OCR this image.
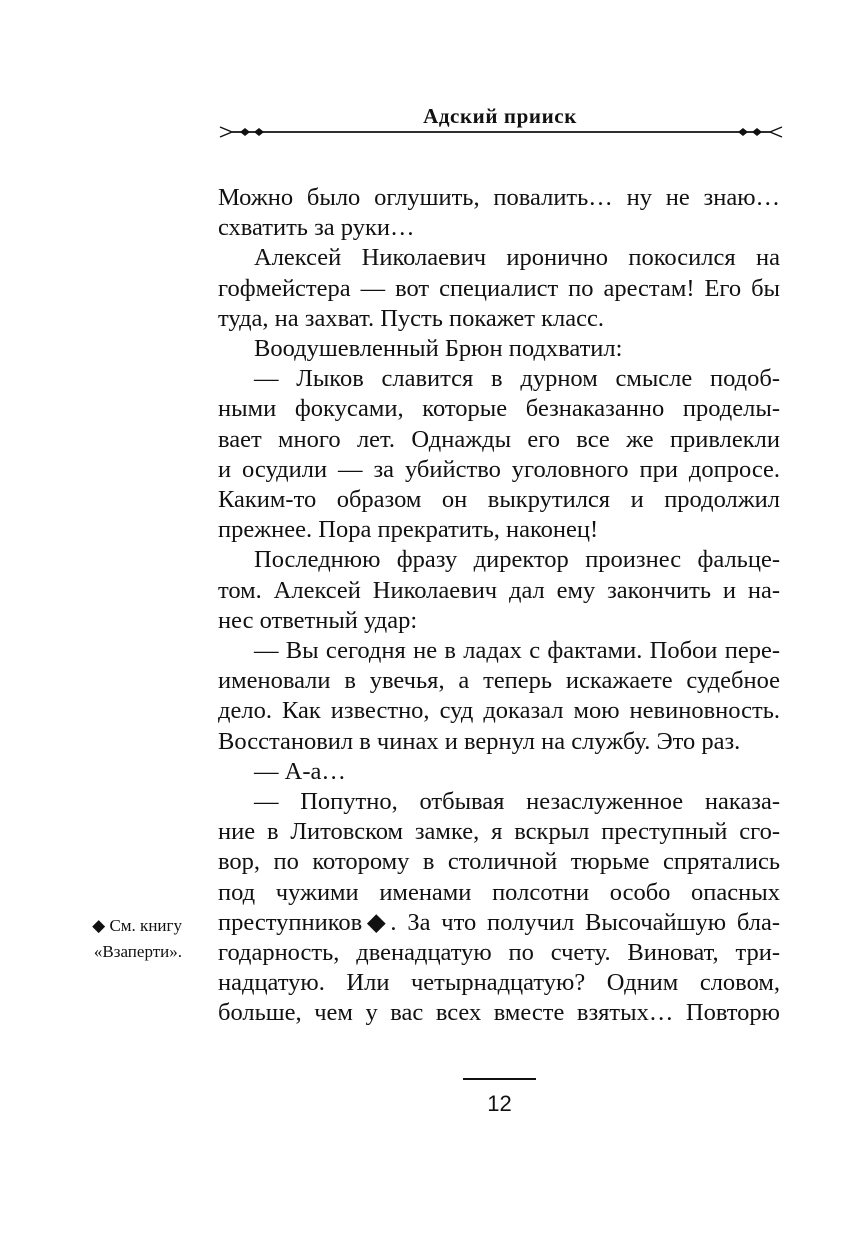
Адский прииск

Можно было оглушить, повалить… ну не знаю…

схватить за руки…

Алексей Николаевич иронично покосился на

гофмейстера — вот специалист по арестам! Его бы

туда, на захват. Пусть покажет класс.

Воодушевленный Брюн подхватил:

— Лыков славится в дурном смысле подоб-

ными фокусами, которые безнаказанно проделы-

вает много лет. Однажды его все же привлекли

и осудили — за убийство уголовного при допросе.

Каким-то образом он выкрутился и продолжил

прежнее. Пора прекратить, наконец!

Последнюю фразу директор произнес фальце-

том. Алексей Николаевич дал ему закончить и на-

нес ответный удар:

— Вы сегодня не в ладах с фактами. Побои пере-

именовали в увечья, а теперь искажаете судебное

дело. Как известно, суд доказал мою невиновность.

Восстановил в чинах и вернул на службу. Это раз.

— А-а…

— Попутно, отбывая незаслуженное наказа-

ние в Литовском замке, я вскрыл преступный сго-

вор, по которому в столичной тюрьме спрятались

под чужими именами полсотни особо опасных

преступников◆. За что получил Высочайшую бла-

годарность, двенадцатую по счету. Виноват, три-

надцатую. Или четырнадцатую? Одним словом,

больше, чем у вас всех вместе взятых… Повторю

◆ См. книгу
«Взаперти».
12
